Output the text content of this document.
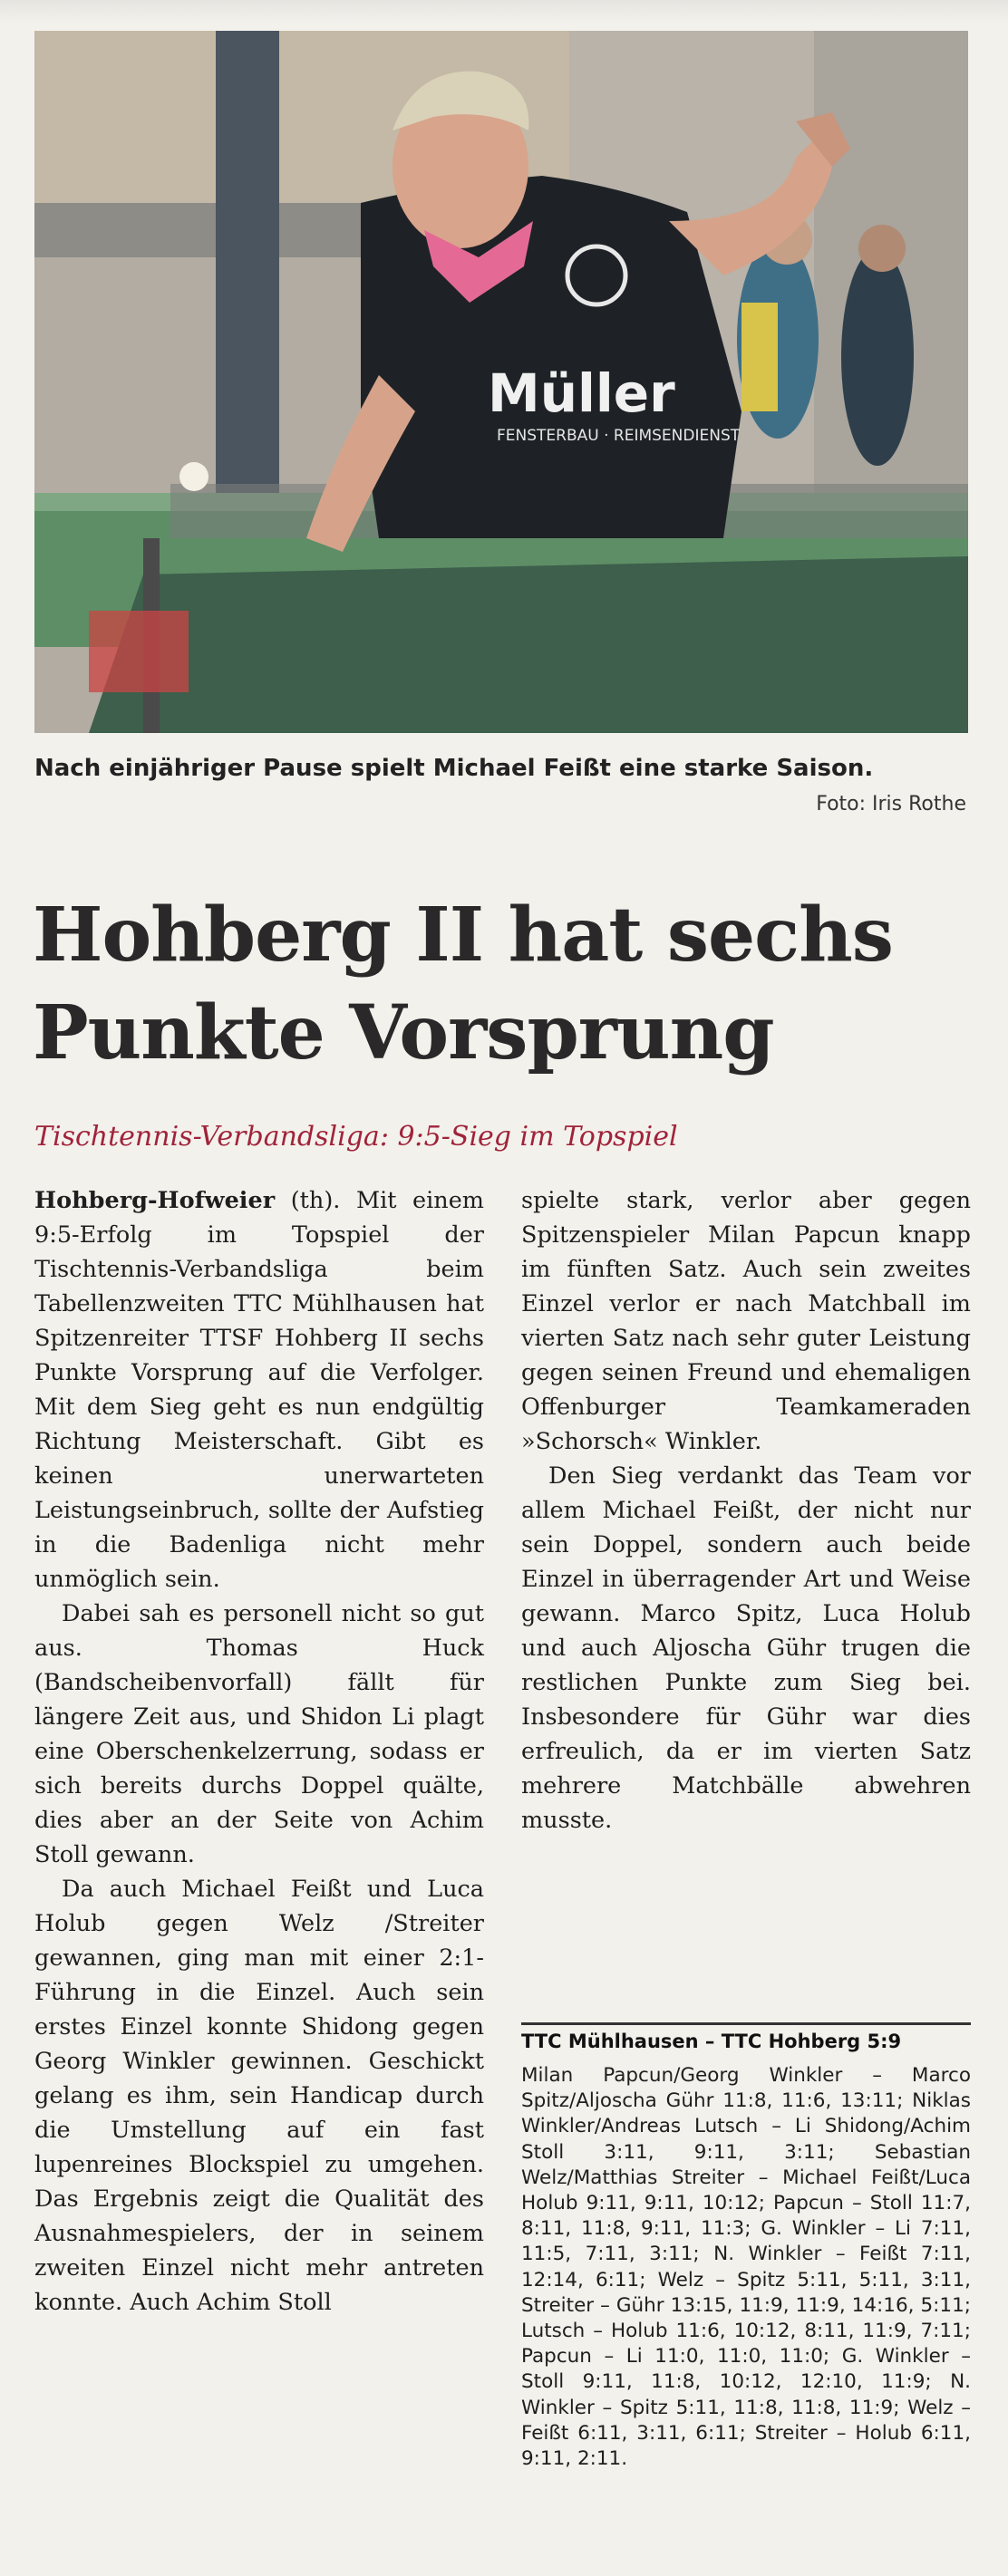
Müller
FENSTERBAU · REIMSENDIENST
Nach einjähriger Pause spielt Michael Feißt eine starke Saison.
Foto: Iris Rothe
Hohberg II hat sechs Punkte Vorsprung
Tischtennis-Verbandsliga: 9:5-Sieg im Topspiel

Hohberg-Hofweier (th). Mit einem 9:5-Erfolg im Topspiel der Tischtennis-Verbandsliga beim Tabellenzweiten TTC Mühlhausen hat Spitzenreiter TTSF Hohberg II sechs Punkte Vorsprung auf die Verfolger. Mit dem Sieg geht es nun endgültig Richtung Meisterschaft. Gibt es keinen unerwarteten Leistungseinbruch, sollte der Aufstieg in die Badenliga nicht mehr unmöglich sein.

Dabei sah es personell nicht so gut aus. Thomas Huck (Bandscheibenvorfall) fällt für längere Zeit aus, und Shidon Li plagt eine Oberschenkelzerrung, sodass er sich bereits durchs Doppel quälte, dies aber an der Seite von Achim Stoll gewann.

Da auch Michael Feißt und Luca Holub gegen Welz /Streiter gewannen, ging man mit einer 2:1-Führung in die Einzel. Auch sein erstes Einzel konnte Shidong gegen Georg Winkler gewinnen. Geschickt gelang es ihm, sein Handicap durch die Umstellung auf ein fast lupenreines Blockspiel zu umgehen. Das Ergebnis zeigt die Qualität des Ausnahmespielers, der in seinem zweiten Einzel nicht mehr antreten konnte. Auch Achim Stoll

spielte stark, verlor aber gegen Spitzenspieler Milan Papcun knapp im fünften Satz. Auch sein zweites Einzel verlor er nach Matchball im vierten Satz nach sehr guter Leistung gegen seinen Freund und ehemaligen Offenburger Teamkameraden »Schorsch« Winkler.

Den Sieg verdankt das Team vor allem Michael Feißt, der nicht nur sein Doppel, sondern auch beide Einzel in überragender Art und Weise gewann. Marco Spitz, Luca Holub und auch Aljoscha Gühr trugen die restlichen Punkte zum Sieg bei. Insbesondere für Gühr war dies erfreulich, da er im vierten Satz mehrere Matchbälle abwehren musste.

TTC Mühlhausen – TTC Hohberg 5:9
Milan Papcun/Georg Winkler – Marco Spitz/Aljoscha Gühr 11:8, 11:6, 13:11; Niklas Winkler/Andreas Lutsch – Li Shidong/Achim Stoll 3:11, 9:11, 3:11; Sebastian Welz/Matthias Streiter – Michael Feißt/Luca Holub 9:11, 9:11, 10:12; Papcun – Stoll 11:7, 8:11, 11:8, 9:11, 11:3; G. Winkler – Li 7:11, 11:5, 7:11, 3:11; N. Winkler – Feißt 7:11, 12:14, 6:11; Welz – Spitz 5:11, 5:11, 3:11, Streiter – Gühr 13:15, 11:9, 11:9, 14:16, 5:11; Lutsch – Holub 11:6, 10:12, 8:11, 11:9, 7:11; Papcun – Li 11:0, 11:0, 11:0; G. Winkler – Stoll 9:11, 11:8, 10:12, 12:10, 11:9; N. Winkler – Spitz 5:11, 11:8, 11:8, 11:9; Welz – Feißt 6:11, 3:11, 6:11; Streiter – Holub 6:11, 9:11, 2:11.
